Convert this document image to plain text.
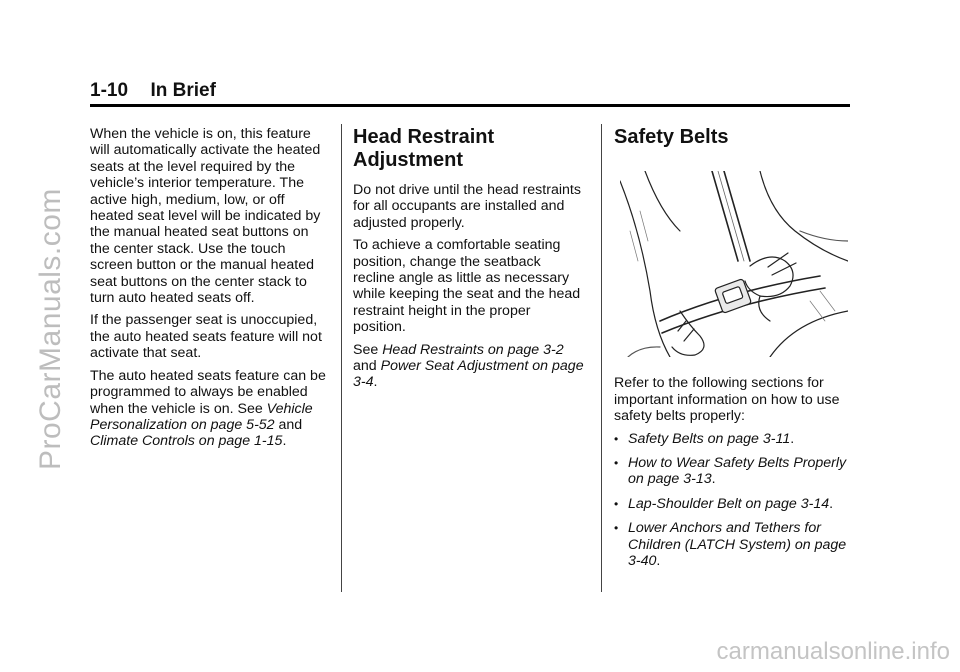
1-10 In Brief

When the vehicle is on, this feature will automatically activate the heated seats at the level required by the vehicle’s interior temperature. The active high, medium, low, or off heated seat level will be indicated by the manual heated seat buttons on the center stack. Use the touch screen button or the manual heated seat buttons on the center stack to turn auto heated seats off.

If the passenger seat is unoccupied, the auto heated seats feature will not activate that seat.

The auto heated seats feature can be programmed to always be enabled when the vehicle is on. See Vehicle Personalization on page 5-52 and Climate Controls on page 1-15.

Head Restraint Adjustment

Do not drive until the head restraints for all occupants are installed and adjusted properly.

To achieve a comfortable seating position, change the seatback recline angle as little as necessary while keeping the seat and the head restraint height in the proper position.

See Head Restraints on page 3-2 and Power Seat Adjustment on page 3-4.

Safety Belts

Refer to the following sections for important information on how to use safety belts properly:

• Safety Belts on page 3-11.
• How to Wear Safety Belts Properly on page 3-13.
• Lap-Shoulder Belt on page 3-14.
• Lower Anchors and Tethers for Children (LATCH System) on page 3-40.
ProCarManuals.com
carmanualsonline.info
